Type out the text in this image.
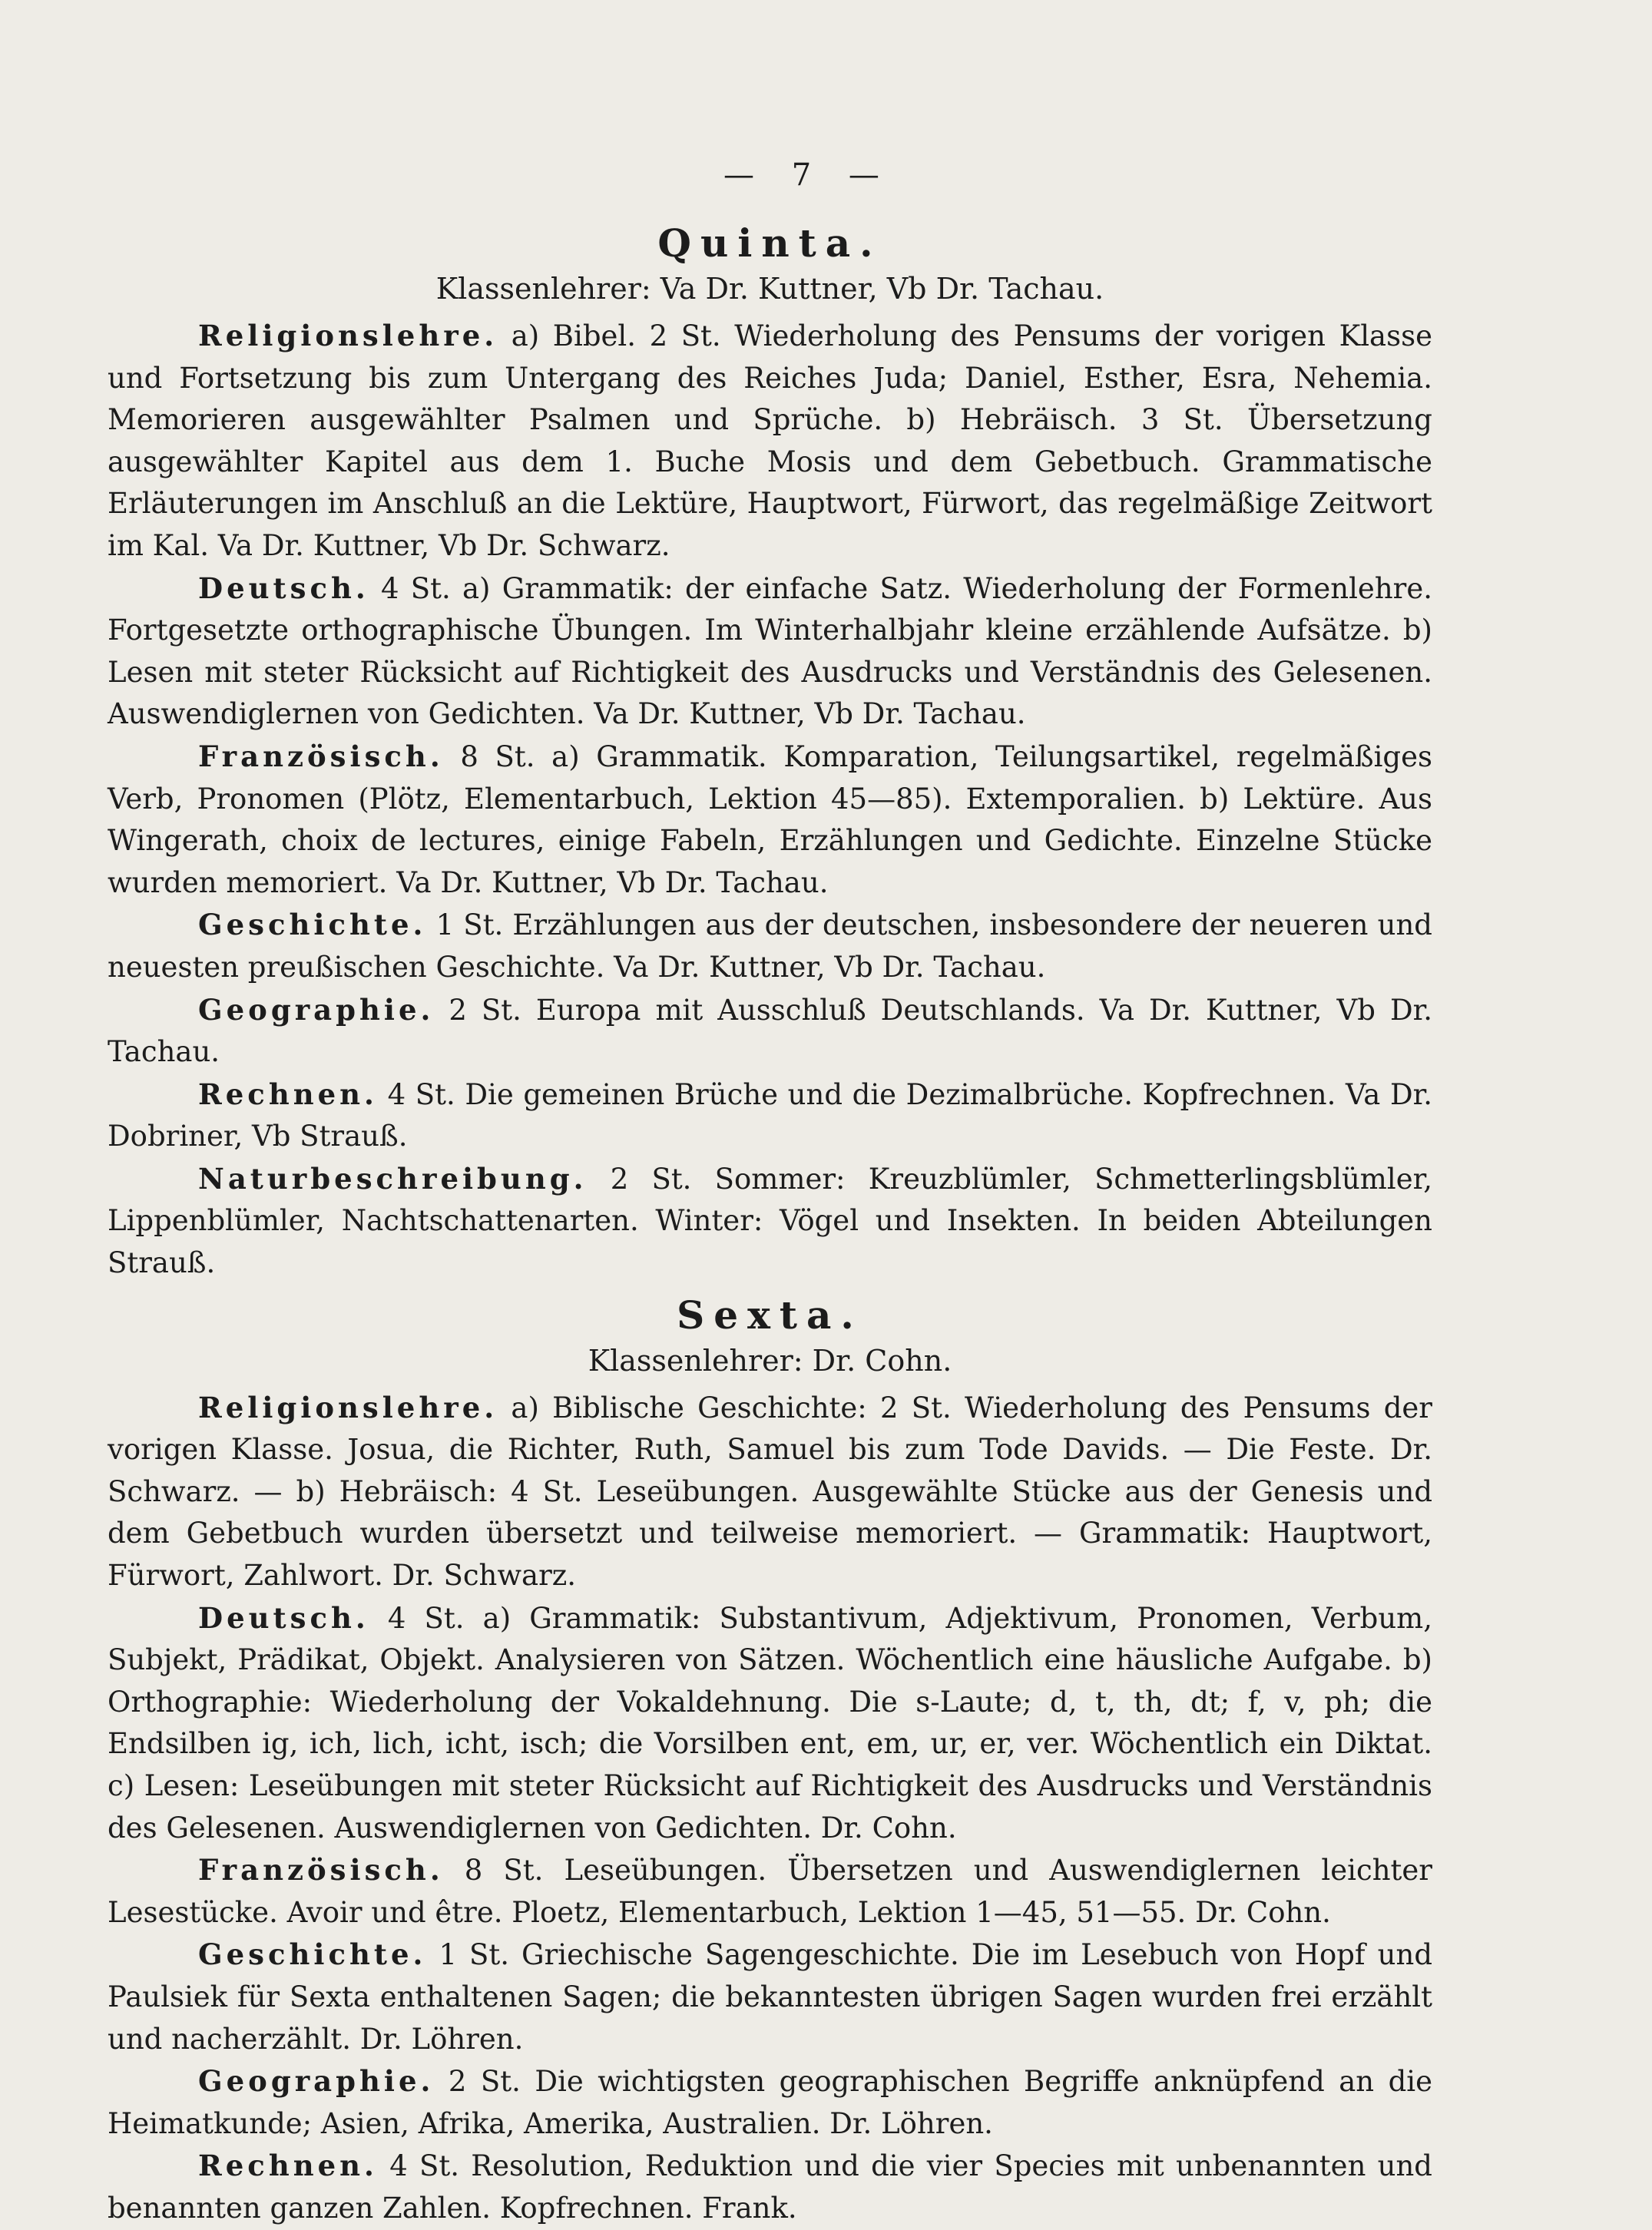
— 7 —
Quinta.
Klassenlehrer: Va Dr. Kuttner, Vb Dr. Tachau.

Religionslehre. a) Bibel. 2 St. Wiederholung des Pensums der vorigen Klasse und Fortsetzung bis zum Untergang des Reiches Juda; Daniel, Esther, Esra, Nehemia. Memorieren ausgewählter Psalmen und Sprüche. b) Hebräisch. 3 St. Übersetzung ausgewählter Kapitel aus dem 1. Buche Mosis und dem Gebetbuch. Grammatische Erläuterungen im Anschluß an die Lektüre, Hauptwort, Fürwort, das regelmäßige Zeitwort im Kal. Va Dr. Kuttner, Vb Dr. Schwarz.

Deutsch. 4 St. a) Grammatik: der einfache Satz. Wiederholung der Formenlehre. Fortgesetzte orthographische Übungen. Im Winterhalbjahr kleine erzählende Aufsätze. b) Lesen mit steter Rücksicht auf Richtigkeit des Ausdrucks und Verständnis des Gelesenen. Auswendiglernen von Gedichten. Va Dr. Kuttner, Vb Dr. Tachau.

Französisch. 8 St. a) Grammatik. Komparation, Teilungsartikel, regelmäßiges Verb, Pronomen (Plötz, Elementarbuch, Lektion 45—85). Extemporalien. b) Lektüre. Aus Wingerath, choix de lectures, einige Fabeln, Erzählungen und Gedichte. Einzelne Stücke wurden memoriert. Va Dr. Kuttner, Vb Dr. Tachau.

Geschichte. 1 St. Erzählungen aus der deutschen, insbesondere der neueren und neuesten preußischen Geschichte. Va Dr. Kuttner, Vb Dr. Tachau.

Geographie. 2 St. Europa mit Ausschluß Deutschlands. Va Dr. Kuttner, Vb Dr. Tachau.

Rechnen. 4 St. Die gemeinen Brüche und die Dezimalbrüche. Kopfrechnen. Va Dr. Dobriner, Vb Strauß.

Naturbeschreibung. 2 St. Sommer: Kreuzblümler, Schmetterlingsblümler, Lippenblümler, Nachtschattenarten. Winter: Vögel und Insekten. In beiden Abteilungen Strauß.

Sexta.
Klassenlehrer: Dr. Cohn.

Religionslehre. a) Biblische Geschichte: 2 St. Wiederholung des Pensums der vorigen Klasse. Josua, die Richter, Ruth, Samuel bis zum Tode Davids. — Die Feste. Dr. Schwarz. — b) Hebräisch: 4 St. Leseübungen. Ausgewählte Stücke aus der Genesis und dem Gebetbuch wurden übersetzt und teilweise memoriert. — Grammatik: Hauptwort, Fürwort, Zahlwort. Dr. Schwarz.

Deutsch. 4 St. a) Grammatik: Substantivum, Adjektivum, Pronomen, Verbum, Subjekt, Prädikat, Objekt. Analysieren von Sätzen. Wöchentlich eine häusliche Aufgabe. b) Orthographie: Wiederholung der Vokaldehnung. Die s-Laute; d, t, th, dt; f, v, ph; die Endsilben ig, ich, lich, icht, isch; die Vorsilben ent, em, ur, er, ver. Wöchentlich ein Diktat. c) Lesen: Leseübungen mit steter Rücksicht auf Richtigkeit des Ausdrucks und Verständnis des Gelesenen. Auswendiglernen von Gedichten. Dr. Cohn.

Französisch. 8 St. Leseübungen. Übersetzen und Auswendiglernen leichter Lesestücke. Avoir und être. Ploetz, Elementarbuch, Lektion 1—45, 51—55. Dr. Cohn.

Geschichte. 1 St. Griechische Sagengeschichte. Die im Lesebuch von Hopf und Paulsiek für Sexta enthaltenen Sagen; die bekanntesten übrigen Sagen wurden frei erzählt und nacherzählt. Dr. Löhren.

Geographie. 2 St. Die wichtigsten geographischen Begriffe anknüpfend an die Heimatkunde; Asien, Afrika, Amerika, Australien. Dr. Löhren.

Rechnen. 4 St. Resolution, Reduktion und die vier Species mit unbenannten und benannten ganzen Zahlen. Kopfrechnen. Frank.
